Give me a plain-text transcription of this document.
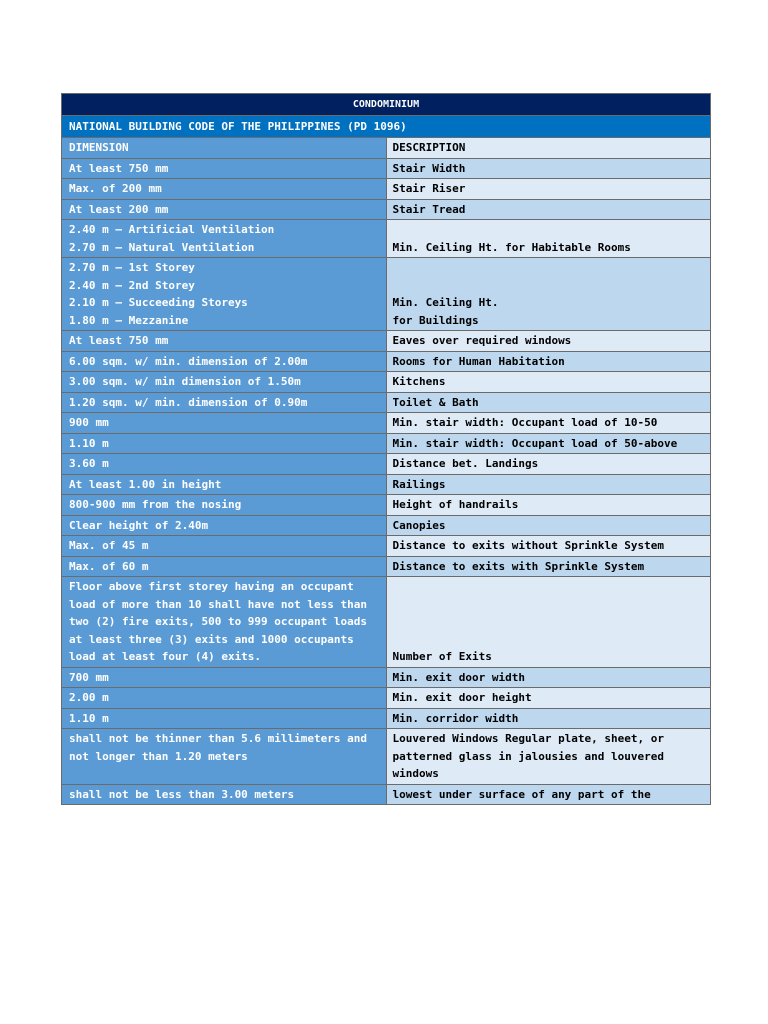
CONDOMINIUM	
NATIONAL BUILDING CODE OF THE PHILIPPINES (PD 1096)	
DIMENSION	DESCRIPTION

At least 750 mm	Stair Width

Max. of 200 mm	Stair Riser

At least 200 mm	Stair Tread

2.40 m – Artificial Ventilation
2.70 m – Natural Ventilation	Min. Ceiling Ht. for Habitable Rooms

2.70 m – 1st Storey
2.40 m – 2nd Storey
2.10 m – Succeeding Storeys
1.80 m – Mezzanine	Min. Ceiling Ht.
for Buildings

At least 750 mm	Eaves over required windows

6.00 sqm. w/ min. dimension of 2.00m	Rooms for Human Habitation

3.00 sqm. w/ min dimension of 1.50m	Kitchens

1.20 sqm. w/ min. dimension of 0.90m	Toilet & Bath

900 mm	Min. stair width: Occupant load of 10-50

1.10 m	Min. stair width: Occupant load of 50-above

3.60 m	Distance bet. Landings

At least 1.00 in height	Railings

800-900 mm from the nosing	Height of handrails

Clear height of 2.40m	Canopies

Max. of 45 m	Distance to exits without Sprinkle System

Max. of 60 m	Distance to exits with Sprinkle System

Floor above first storey having an occupant load of more than 10 shall have not less than two (2) fire exits, 500 to 999 occupant loads at least three (3) exits and 1000 occupants load at least four (4) exits.	Number of Exits

700 mm	Min. exit door width

2.00 m	Min. exit door height

1.10 m	Min. corridor width

shall not be thinner than 5.6 millimeters and not longer than 1.20 meters	Louvered Windows Regular plate, sheet, or patterned glass in jalousies and louvered windows

shall not be less than 3.00 meters	lowest under surface of any part of the
